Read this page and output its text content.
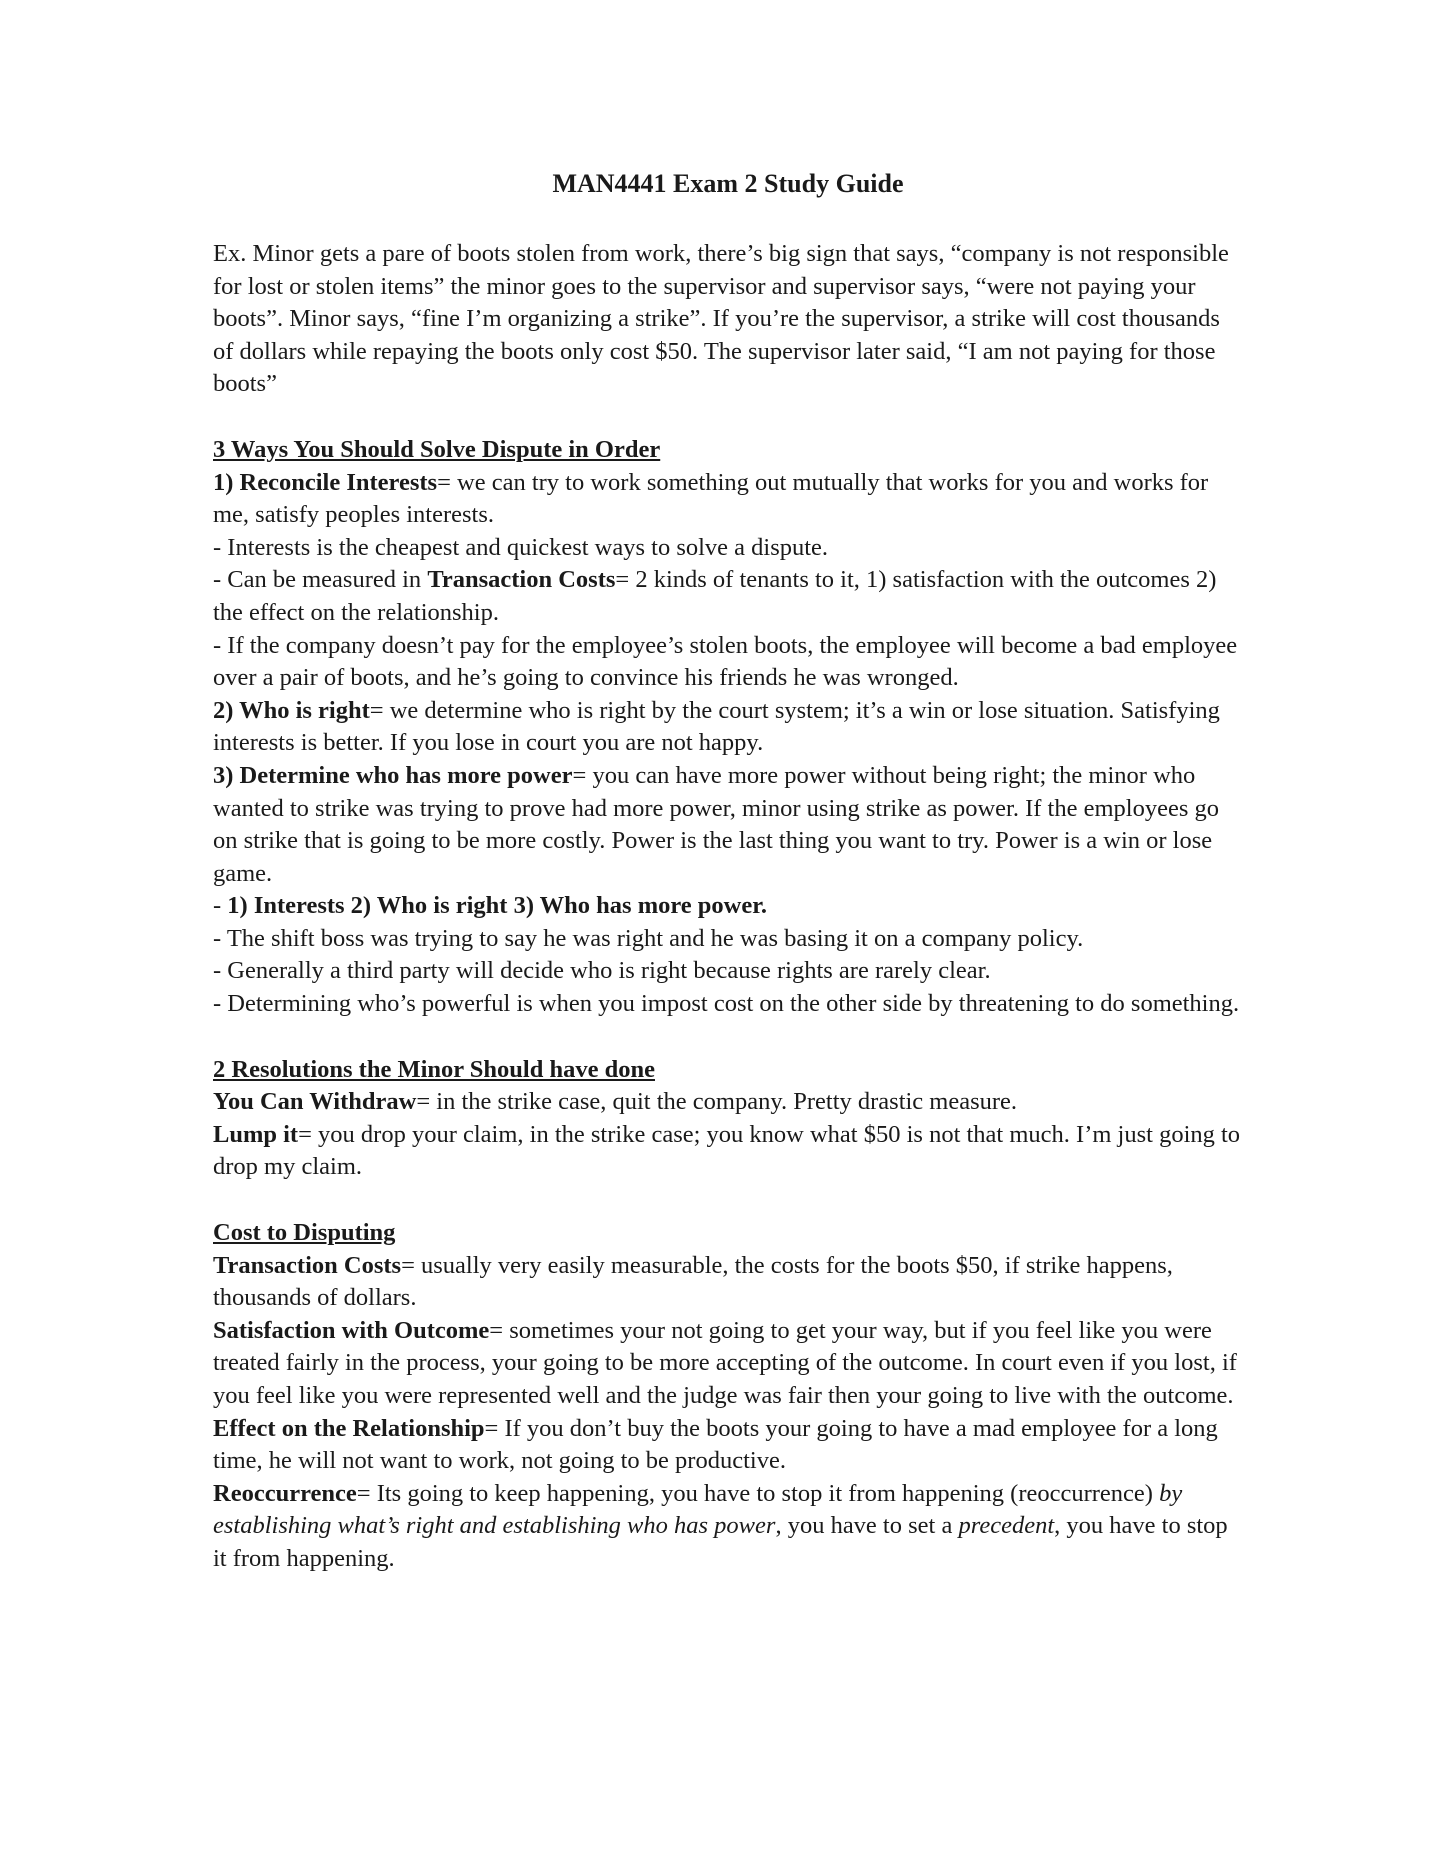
MAN4441 Exam 2 Study Guide

Ex. Minor gets a pare of boots stolen from work, there’s big sign that says, “company is not responsible for lost or stolen items” the minor goes to the supervisor and supervisor says, “were not paying your boots”. Minor says, “fine I’m organizing a strike”. If you’re the supervisor, a strike will cost thousands of dollars while repaying the boots only cost $50. The supervisor later said, “I am not paying for those boots”

3 Ways You Should Solve Dispute in Order

1) Reconcile Interests= we can try to work something out mutually that works for you and works for me, satisfy peoples interests.

- Interests is the cheapest and quickest ways to solve a dispute.

- Can be measured in Transaction Costs= 2 kinds of tenants to it, 1) satisfaction with the outcomes 2) the effect on the relationship.

- If the company doesn’t pay for the employee’s stolen boots, the employee will become a bad employee over a pair of boots, and he’s going to convince his friends he was wronged.

2) Who is right= we determine who is right by the court system; it’s a win or lose situation. Satisfying interests is better. If you lose in court you are not happy.

3) Determine who has more power= you can have more power without being right; the minor who wanted to strike was trying to prove had more power, minor using strike as power. If the employees go on strike that is going to be more costly. Power is the last thing you want to try. Power is a win or lose game.

- 1) Interests 2) Who is right 3) Who has more power.

- The shift boss was trying to say he was right and he was basing it on a company policy.

- Generally a third party will decide who is right because rights are rarely clear.

- Determining who’s powerful is when you impost cost on the other side by threatening to do something.

2 Resolutions the Minor Should have done

You Can Withdraw= in the strike case, quit the company. Pretty drastic measure.

Lump it= you drop your claim, in the strike case; you know what $50 is not that much. I’m just going to drop my claim.

Cost to Disputing

Transaction Costs= usually very easily measurable, the costs for the boots $50, if strike happens, thousands of dollars.

Satisfaction with Outcome= sometimes your not going to get your way, but if you feel like you were treated fairly in the process, your going to be more accepting of the outcome. In court even if you lost, if you feel like you were represented well and the judge was fair then your going to live with the outcome.

Effect on the Relationship= If you don’t buy the boots your going to have a mad employee for a long time, he will not want to work, not going to be productive.

Reoccurrence= Its going to keep happening, you have to stop it from happening (reoccurrence) by establishing what’s right and establishing who has power, you have to set a precedent, you have to stop it from happening.
